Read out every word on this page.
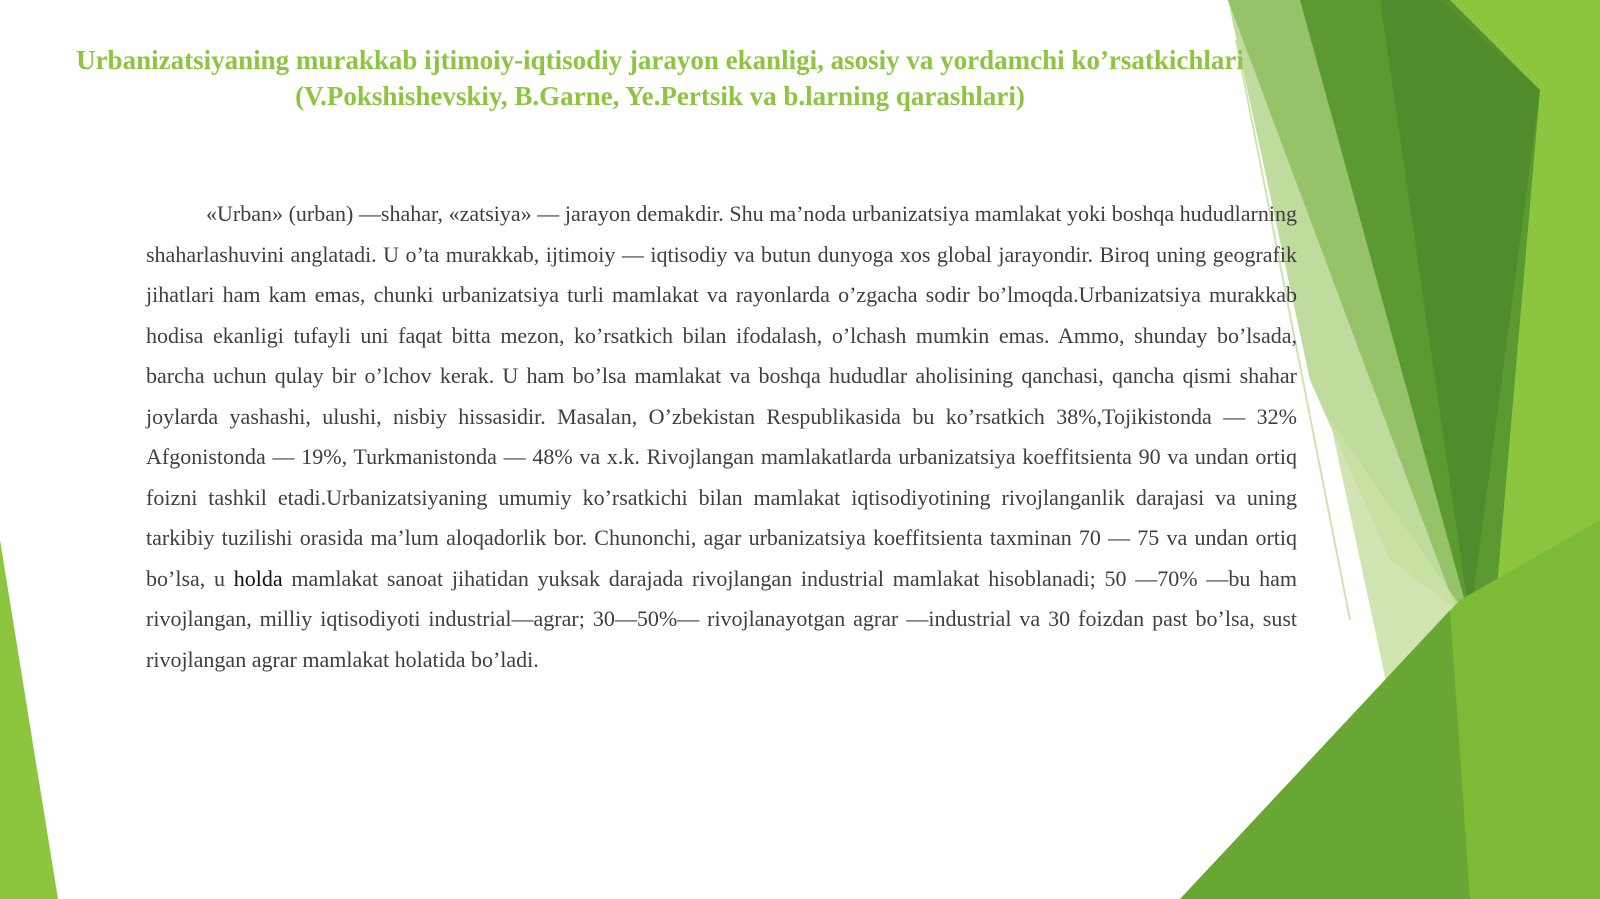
Urbanizatsiyaning murakkab ijtimoiy-iqtisodiy jarayon ekanligi, asosiy va yordamchi ko’rsatkichlari (V.Pokshishevskiy, B.Garne, Ye.Pertsik va b.larning qarashlari)

«Urban» (urban) —shahar, «zatsiya» — jarayon demakdir. Shu ma’noda urbanizatsiya mamlakat yoki boshqa hududlarning shaharlashuvini anglatadi. U o’ta murakkab, ijtimoiy — iqtisodiy va butun dunyoga xos global jarayondir. Biroq uning geografik jihatlari ham kam emas, chunki urbanizatsiya turli mamlakat va rayonlarda o’zgacha sodir bo’lmoqda.Urbanizatsiya murakkab hodisa ekanligi tufayli uni faqat bitta mezon, ko’rsatkich bilan ifodalash, o’lchash mumkin emas. Ammo, shunday bo’lsada, barcha uchun qulay bir o’lchov kerak. U ham bo’lsa mamlakat va boshqa hududlar aholisining qanchasi, qancha qismi shahar joylarda yashashi, ulushi, nisbiy hissasidir. Masalan, O’zbekistan Respublikasida bu ko’rsatkich 38%,Tojikistonda — 32% Afgonistonda — 19%, Turkmanistonda — 48% va x.k. Rivojlangan mamlakatlarda urbanizatsiya koeffitsienta 90 va undan ortiq foizni tashkil etadi.Urbanizatsiyaning umumiy ko’rsatkichi bilan mamlakat iqtisodiyotining rivojlanganlik darajasi va uning tarkibiy tuzilishi orasida ma’lum aloqadorlik bor. Chunonchi, agar urbanizatsiya koeffitsienta taxminan 70 — 75 va undan ortiq bo’lsa, u holda mamlakat sanoat jihatidan yuksak darajada rivojlangan industrial mamlakat hisoblanadi; 50 —70% —bu ham rivojlangan, milliy iqtisodiyoti industrial—agrar; 30—50%— rivojlanayotgan agrar —industrial va 30 foizdan past bo’lsa, sust rivojlangan agrar mamlakat holatida bo’ladi.
